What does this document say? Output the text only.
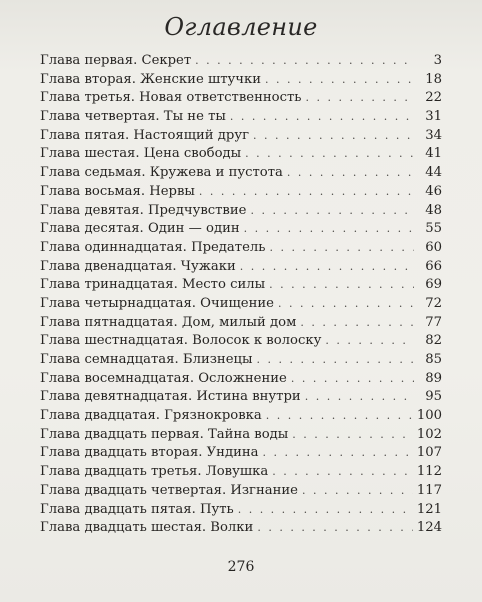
Оглавление
Глава первая. Секрет . . .	3
Глава вторая. Женские штучки . . .	18
Глава третья. Новая ответственность . . .	22
Глава четвертая. Ты не ты . . .	31
Глава пятая. Настоящий друг . . .	34
Глава шестая. Цена свободы . . .	41
Глава седьмая. Кружева и пустота . . .	44
Глава восьмая. Нервы . . .	46
Глава девятая. Предчувствие . . .	48
Глава десятая. Один — один . . .	55
Глава одиннадцатая. Предатель . . .	60
Глава двенадцатая. Чужаки . . .	66
Глава тринадцатая. Место силы . . .	69
Глава четырнадцатая. Очищение . . .	72
Глава пятнадцатая. Дом, милый дом . . .	77
Глава шестнадцатая. Волосок к волоску . . .	82
Глава семнадцатая. Близнецы . . .	85
Глава восемнадцатая. Осложнение . . .	89
Глава девятнадцатая. Истина внутри . . .	95
Глава двадцатая. Грязнокровка . . .	100
Глава двадцать первая. Тайна воды . . .	102
Глава двадцать вторая. Ундина . . .	107
Глава двадцать третья. Ловушка . . .	112
Глава двадцать четвертая. Изгнание . . .	117
Глава двадцать пятая. Путь . . .	121
Глава двадцать шестая. Волки . . .	124
276
